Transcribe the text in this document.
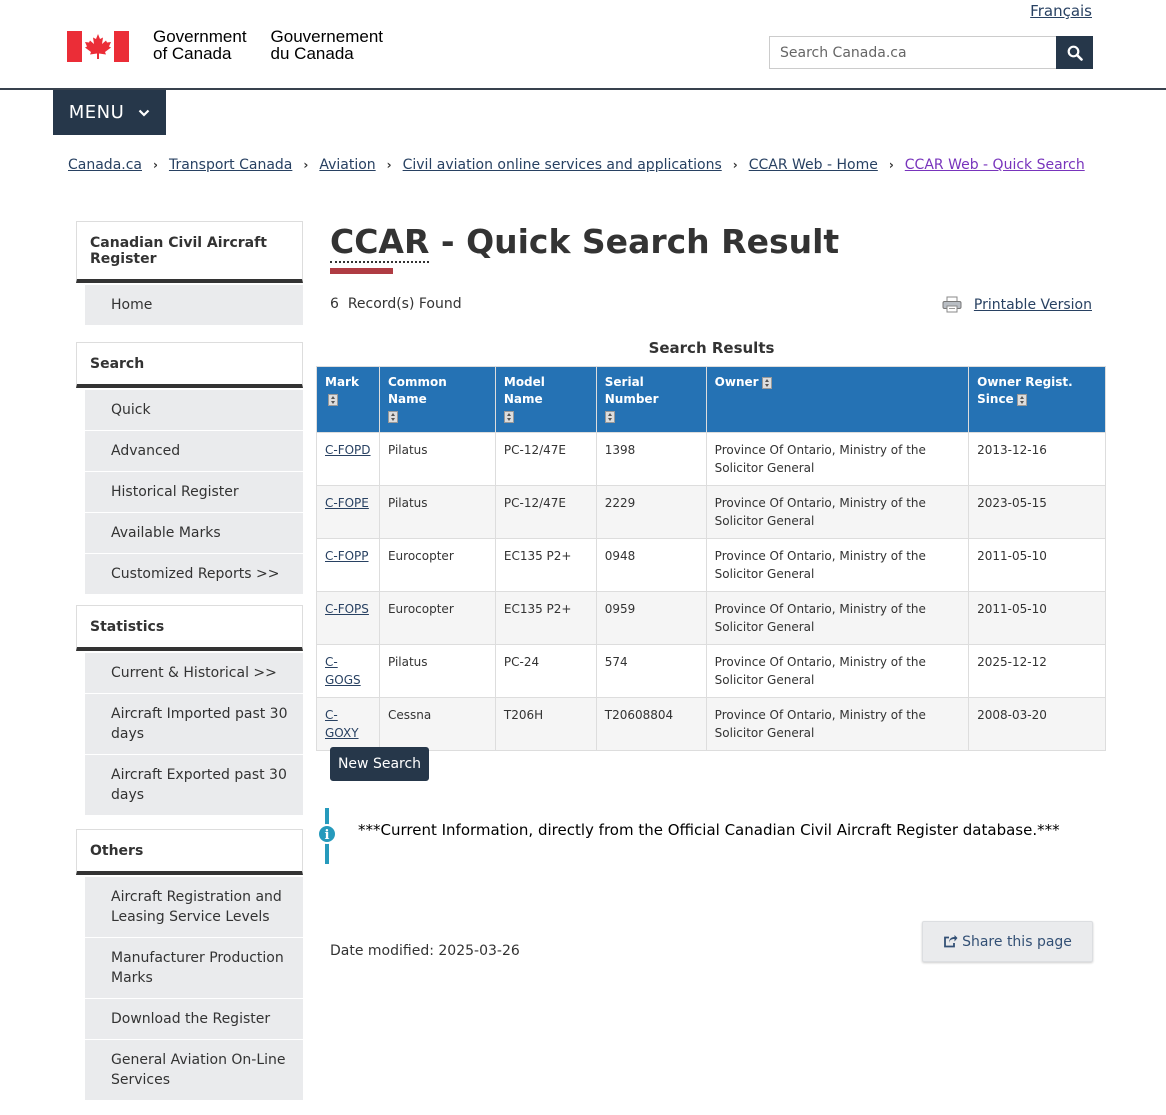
Français
Government
of Canada
Gouvernement
du Canada
Search Canada.ca
MENU
Canada.ca › Transport Canada › Aviation › Civil aviation online services and applications › CCAR Web - Home › CCAR Web - Quick Search
Canadian Civil Aircraft Register
Home
Search
Quick
Advanced
Historical Register
Available Marks
Customized Reports >>
Statistics
Current & Historical >>
Aircraft Imported past 30 days
Aircraft Exported past 30 days
Others
Aircraft Registration and Leasing Service Levels
Manufacturer Production Marks
Download the Register
General Aviation On-Line Services
CCAR - Quick Search Result
6 Record(s) Found	Printable Version
Search Results
Mark	Common Name	Model Name	Serial Number	Owner	Owner Regist. Since
C-FOPD	Pilatus	PC-12/47E	1398	Province Of Ontario, Ministry of the Solicitor General	2013-12-16
C-FOPE	Pilatus	PC-12/47E	2229	Province Of Ontario, Ministry of the Solicitor General	2023-05-15
C-FOPP	Eurocopter	EC135 P2+	0948	Province Of Ontario, Ministry of the Solicitor General	2011-05-10
C-FOPS	Eurocopter	EC135 P2+	0959	Province Of Ontario, Ministry of the Solicitor General	2011-05-10
C-GOGS	Pilatus	PC-24	574	Province Of Ontario, Ministry of the Solicitor General	2025-12-12
C-GOXY	Cessna	T206H	T20608804	Province Of Ontario, Ministry of the Solicitor General	2008-03-20
New Search
i	***Current Information, directly from the Official Canadian Civil Aircraft Register database.***
Date modified: 2025-03-26
Share this page
